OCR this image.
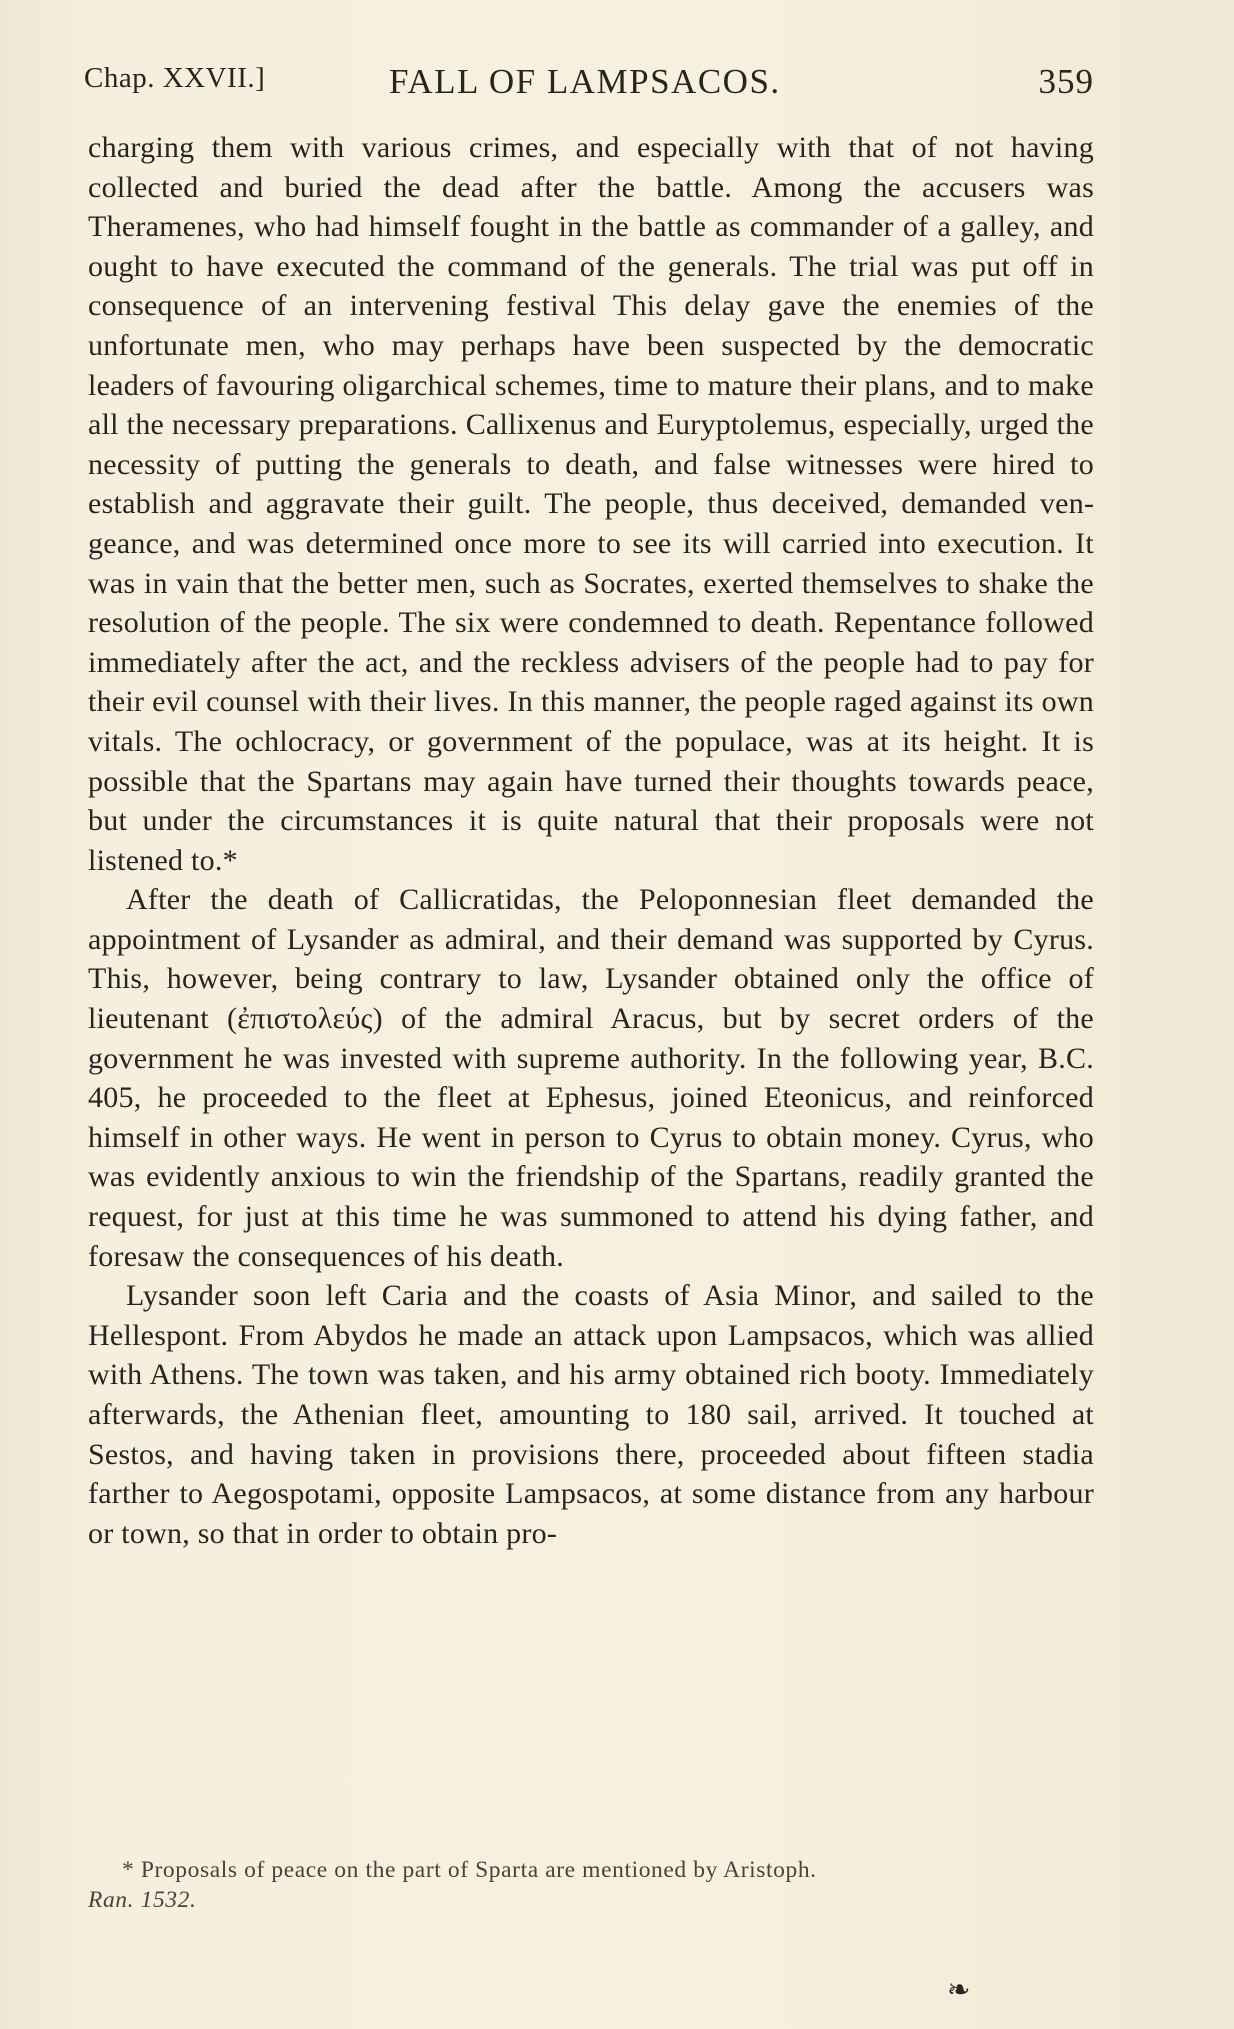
Chap. XXVII.]	FALL OF LAMPSACOS.	359

charging them with various crimes, and especially with that of not having collected and buried the dead after the battle. Among the accusers was Theramenes, who had himself fought in the battle as commander of a galley, and ought to have executed the command of the generals. The trial was put off in consequence of an intervening festival This delay gave the enemies of the unfortunate men, who may perhaps have been suspected by the democratic leaders of favouring oligarchical schemes, time to mature their plans, and to make all the necessary preparations. Callixenus and Euryptolemus, especially, urged the necessity of putting the generals to death, and false witnesses were hired to establish and aggravate their guilt. The people, thus deceived, demanded vengeance, and was determined once more to see its will carried into execution. It was in vain that the better men, such as Socrates, exerted themselves to shake the resolution of the people. The six were condemned to death. Repentance followed immediately after the act, and the reckless advisers of the people had to pay for their evil counsel with their lives. In this manner, the people raged against its own vitals. The ochlocracy, or government of the populace, was at its height. It is possible that the Spartans may again have turned their thoughts towards peace, but under the circumstances it is quite natural that their proposals were not listened to.*

After the death of Callicratidas, the Peloponnesian fleet demanded the appointment of Lysander as admiral, and their demand was supported by Cyrus. This, however, being contrary to law, Lysander obtained only the office of lieutenant (ἐπιστολεύς) of the admiral Aracus, but by secret orders of the government he was invested with supreme authority. In the following year, B.C. 405, he proceeded to the fleet at Ephesus, joined Eteonicus, and reinforced himself in other ways. He went in person to Cyrus to obtain money. Cyrus, who was evidently anxious to win the friendship of the Spartans, readily granted the request, for just at this time he was summoned to attend his dying father, and foresaw the consequences of his death.

Lysander soon left Caria and the coasts of Asia Minor, and sailed to the Hellespont. From Abydos he made an attack upon Lampsacos, which was allied with Athens. The town was taken, and his army obtained rich booty. Immediately afterwards, the Athenian fleet, amounting to 180 sail, arrived. It touched at Sestos, and having taken in provisions there, proceeded about fifteen stadia farther to Aegospotami, opposite Lampsacos, at some distance from any harbour or town, so that in order to obtain pro-

* Proposals of peace on the part of Sparta are mentioned by Aristoph.
Ran. 1532.
❧
